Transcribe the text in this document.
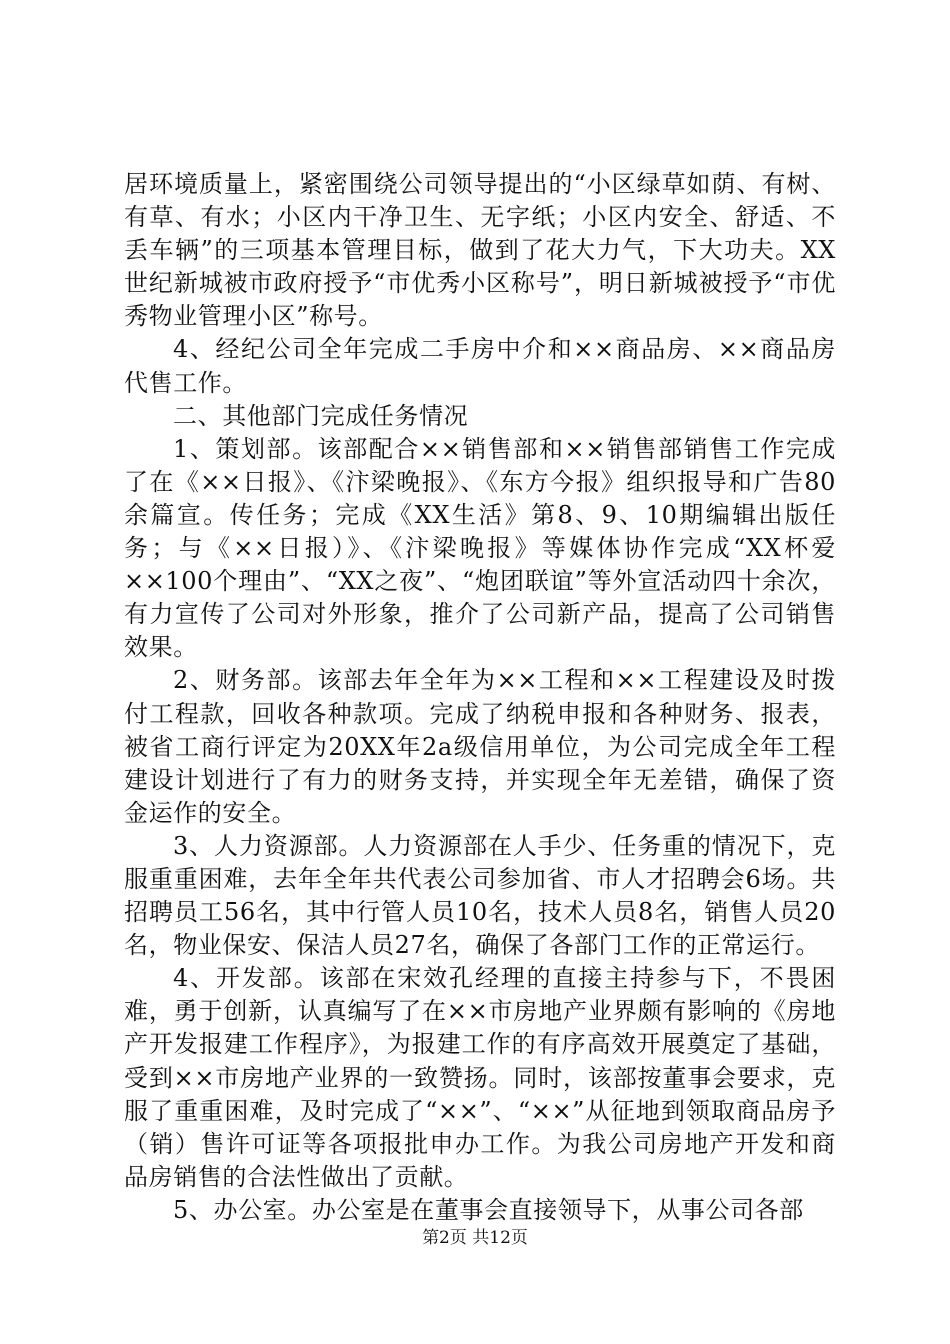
居环境质量上，紧密围绕公司领导提出的“小区绿草如荫、有树、有草、有水；小区内干净卫生、无字纸；小区内安全、舒适、不丢车辆”的三项基本管理目标，做到了花大力气，下大功夫。XX世纪新城被市政府授予“市优秀小区称号”，明日新城被授予“市优秀物业管理小区”称号。

4、经纪公司全年完成二手房中介和××商品房、××商品房代售工作。

二、其他部门完成任务情况

1、策划部。该部配合××销售部和××销售部销售工作完成了在《××日报》、《汴梁晚报》、《东方今报》组织报导和广告80余篇宣。传任务；完成《XX生活》第8、9、10期编辑出版任务；与《××日报）》、《汴梁晚报》等媒体协作完成“XX杯爱××100个理由”、“XX之夜”、“炮团联谊”等外宣活动四十余次，有力宣传了公司对外形象，推介了公司新产品，提高了公司销售效果。

2、财务部。该部去年全年为××工程和××工程建设及时拨付工程款，回收各种款项。完成了纳税申报和各种财务、报表，被省工商行评定为20XX年2a级信用单位，为公司完成全年工程建设计划进行了有力的财务支持，并实现全年无差错，确保了资金运作的安全。

3、人力资源部。人力资源部在人手少、任务重的情况下，克服重重困难，去年全年共代表公司参加省、市人才招聘会6场。共招聘员工56名，其中行管人员10名，技术人员8名，销售人员20名，物业保安、保洁人员27名，确保了各部门工作的正常运行。

4、开发部。该部在宋效孔经理的直接主持参与下，不畏困难，勇于创新，认真编写了在××市房地产业界颇有影响的《房地产开发报建工作程序》，为报建工作的有序高效开展奠定了基础，受到××市房地产业界的一致赞扬。同时，该部按董事会要求，克服了重重困难，及时完成了“××”、“××”从征地到领取商品房予（销）售许可证等各项报批申办工作。为我公司房地产开发和商品房销售的合法性做出了贡献。

5、办公室。办公室是在董事会直接领导下，从事公司各部

第2页 共12页
